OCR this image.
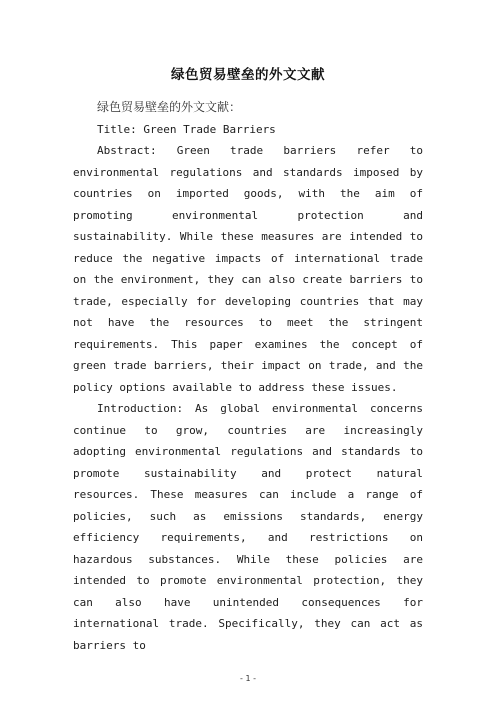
绿色贸易壁垒的外文文献

绿色贸易壁垒的外文文献：

Title: Green Trade Barriers

Abstract: Green trade barriers refer to environmental regulations and standards imposed by countries on imported goods, with the aim of promoting environmental protection and sustainability. While these measures are intended to reduce the negative impacts of international trade on the environment, they can also create barriers to trade, especially for developing countries that may not have the resources to meet the stringent requirements. This paper examines the concept of green trade barriers, their impact on trade, and the policy options available to address these issues.

Introduction: As global environmental concerns continue to grow, countries are increasingly adopting environmental regulations and standards to promote sustainability and protect natural resources. These measures can include a range of policies, such as emissions standards, energy efficiency requirements, and restrictions on hazardous substances. While these policies are intended to promote environmental protection, they can also have unintended consequences for international trade. Specifically, they can act as barriers to

- 1 -
